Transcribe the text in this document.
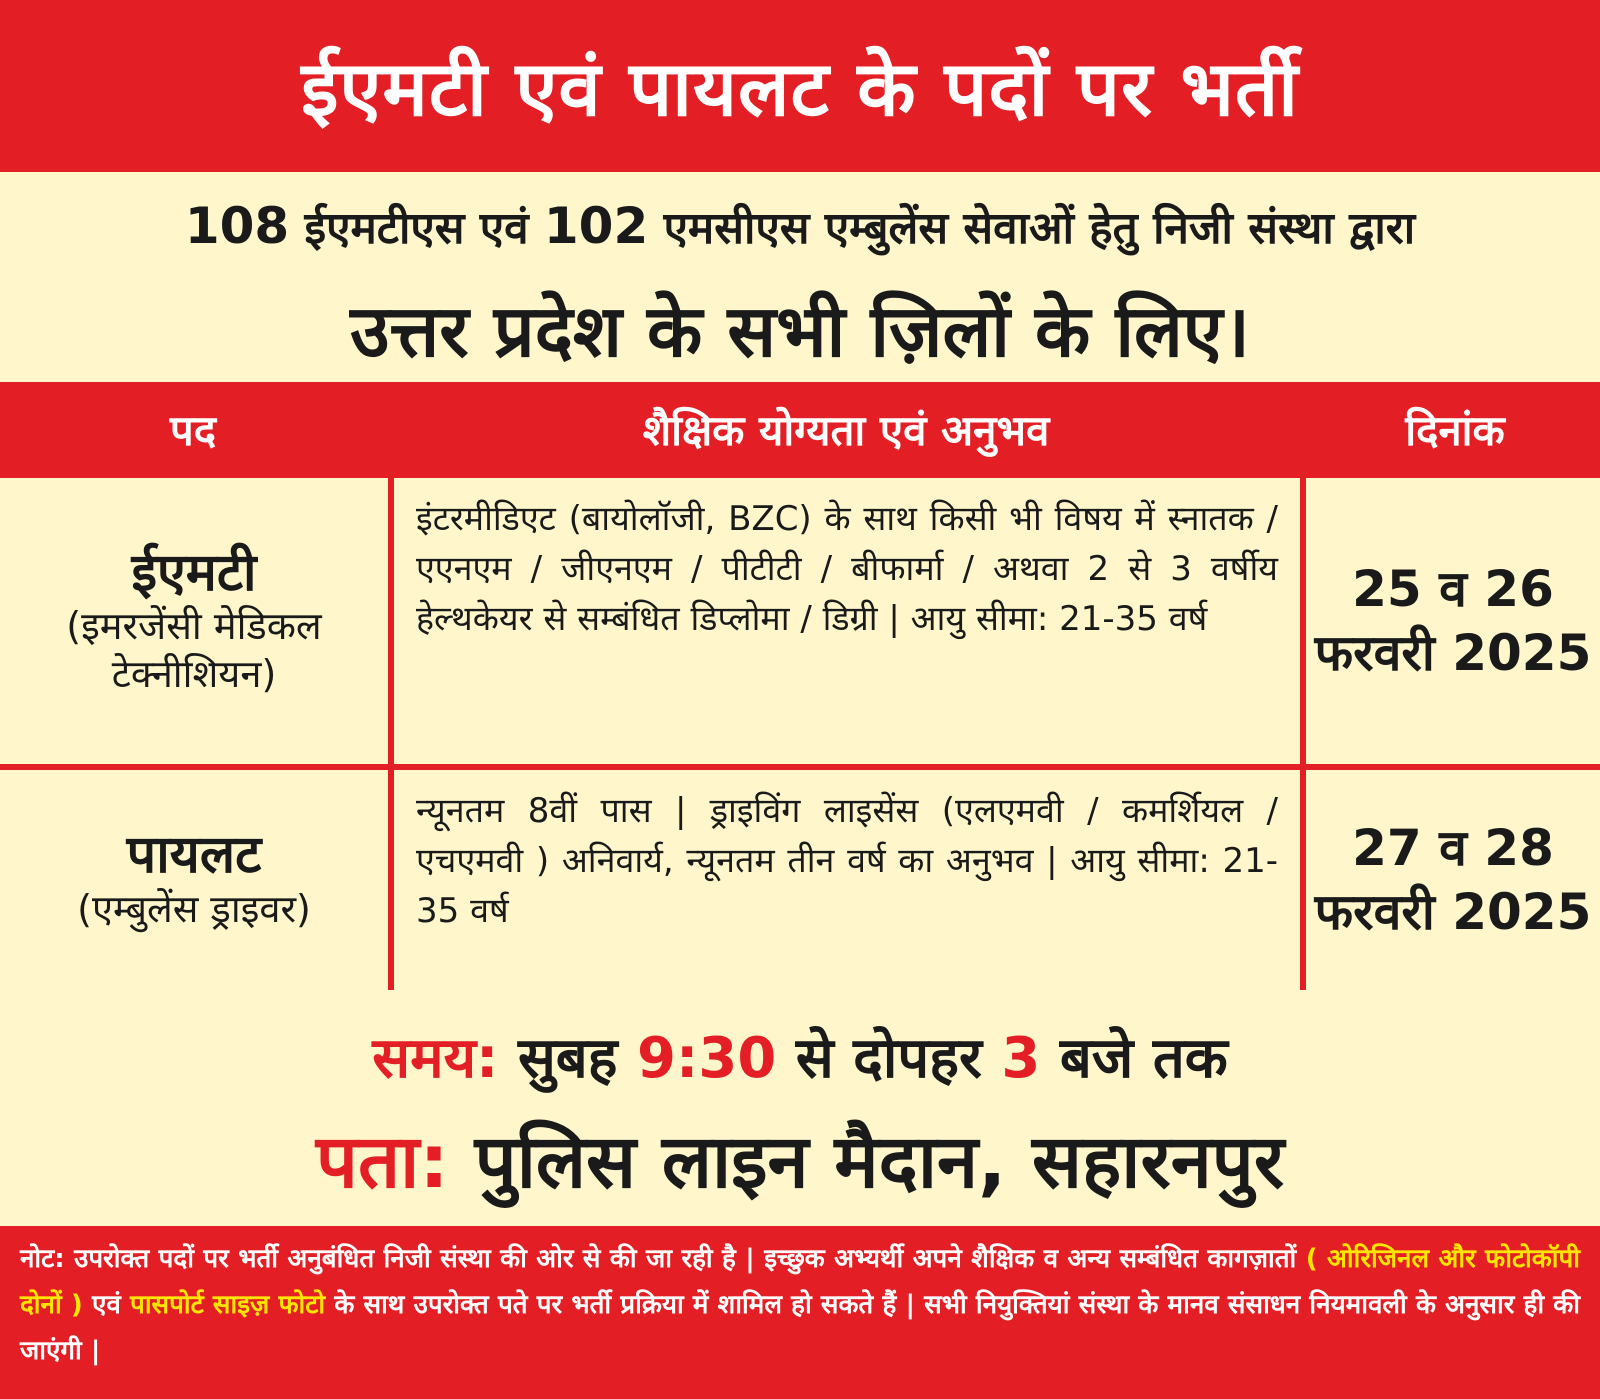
ईएमटी एवं पायलट के पदों पर भर्ती
108 ईएमटीएस एवं 102 एमसीएस एम्बुलेंस सेवाओं हेतु निजी संस्था द्वारा
उत्तर प्रदेश के सभी ज़िलों के लिए।
पद	शैक्षिक योग्यता एवं अनुभव	दिनांक
ईएमटी
(इमरजेंसी मेडिकल टेक्नीशियन)
इंटरमीडिएट (बायोलॉजी, BZC) के साथ किसी भी विषय में स्नातक / एएनएम / जीएनएम / पीटीटी / बीफार्मा / अथवा 2 से 3 वर्षीय हेल्थकेयर से सम्बंधित डिप्लोमा / डिग्री | आयु सीमा: 21-35 वर्ष
25 व 26
फरवरी 2025
पायलट
(एम्बुलेंस ड्राइवर)
न्यूनतम 8वीं पास | ड्राइविंग लाइसेंस (एलएमवी / कमर्शियल / एचएमवी ) अनिवार्य, न्यूनतम तीन वर्ष का अनुभव | आयु सीमा: 21-35 वर्ष
27 व 28
फरवरी 2025
समय: सुबह 9:30 से दोपहर 3 बजे तक
पता: पुलिस लाइन मैदान, सहारनपुर
नोट: उपरोक्त पदों पर भर्ती अनुबंधित निजी संस्था की ओर से की जा रही है | इच्छुक अभ्यर्थी अपने शैक्षिक व अन्य सम्बंधित कागज़ातों ( ओरिजिनल और फोटोकॉपी दोनों ) एवं पासपोर्ट साइज़ फोटो के साथ उपरोक्त पते पर भर्ती प्रक्रिया में शामिल हो सकते हैं | सभी नियुक्तियां संस्था के मानव संसाधन नियमावली के अनुसार ही की जाएंगी |
